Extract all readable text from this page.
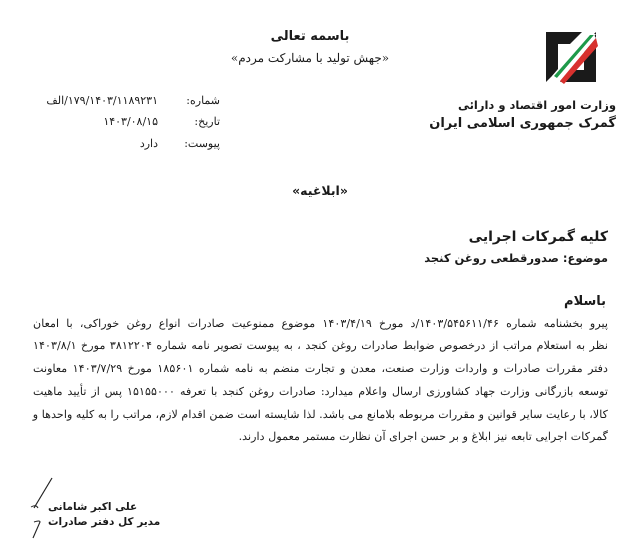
باسمه تعالی
«جهش تولید با مشارکت مردم»
وزارت امور اقتصاد و دارائی
گمرک جمهوری اسلامی ایران
شماره:
۱۷۹/۱۴۰۳/۱۱۸۹۲۳۱/الف
تاریخ:
۱۴۰۳/۰۸/۱۵
پیوست:
دارد
«ابلاغیه»
کلیه گمرکات اجرایی
موضوع: صدورقطعی روغن کنجد
باسلام
پیرو بخشنامه شماره ۱۴۰۳/۵۴۵۶۱۱/۴۶/د مورخ ۱۴۰۳/۴/۱۹ موضوع ممنوعیت صادرات انواع روغن خوراکی، با امعان
نظر به استعلام مراتب از درخصوص ضوابط صادرات روغن کنجد ، به پیوست تصویر نامه شماره ۳۸۱۲۲۰۴ مورخ ۱۴۰۳/۸/۱
دفتر مقررات صادرات و واردات وزارت صنعت، معدن و تجارت منضم به نامه شماره ۱۸۵۶۰۱ مورخ ۱۴۰۳/۷/۲۹ معاونت
توسعه بازرگانی وزارت جهاد کشاورزی ارسال واعلام میدارد: صادرات روغن کنجد با تعرفه ۱۵۱۵۵۰۰۰ پس از تأیید ماهیت
کالا، با رعایت سایر قوانین و مقررات مربوطه بلامانع می باشد. لذا شایسته است ضمن اقدام لازم، مراتب را به کلیه واحدها و
گمرکات اجرایی تابعه نیز ابلاغ و بر حسن اجرای آن نظارت مستمر معمول دارند.
علی اکبر شامانی
مدیر کل دفتر صادرات
